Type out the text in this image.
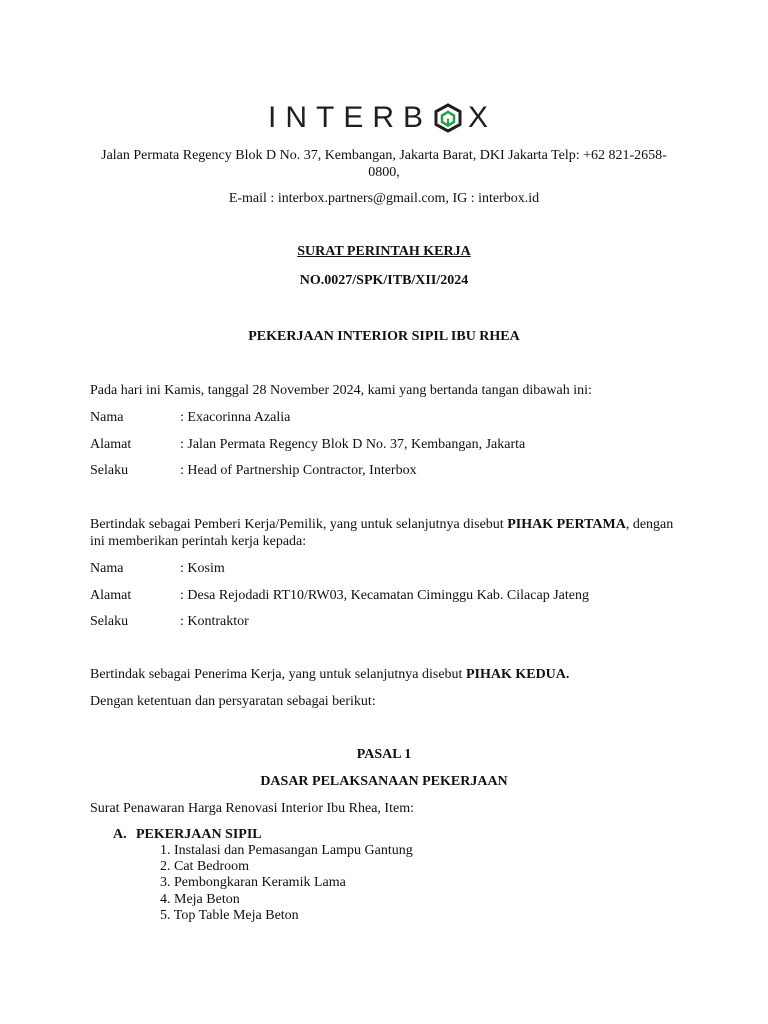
INTER B X
Jalan Permata Regency Blok D No. 37, Kembangan, Jakarta Barat, DKI Jakarta Telp: +62 821-2658-0800,
E-mail : interbox.partners@gmail.com, IG : interbox.id
SURAT PERINTAH KERJA
NO.0027/SPK/ITB/XII/2024
PEKERJAAN INTERIOR SIPIL IBU RHEA
Pada hari ini Kamis, tanggal 28 November 2024, kami yang bertanda tangan dibawah ini:
Nama	: Exacorinna Azalia
Alamat	: Jalan Permata Regency Blok D No. 37, Kembangan, Jakarta
Selaku	: Head of Partnership Contractor, Interbox
Bertindak sebagai Pemberi Kerja/Pemilik, yang untuk selanjutnya disebut PIHAK PERTAMA, dengan
ini memberikan perintah kerja kepada:
Nama	: Kosim
Alamat	: Desa Rejodadi RT10/RW03, Kecamatan Ciminggu Kab. Cilacap Jateng
Selaku	: Kontraktor
Bertindak sebagai Penerima Kerja, yang untuk selanjutnya disebut PIHAK KEDUA.
Dengan ketentuan dan persyaratan sebagai berikut:
PASAL 1
DASAR PELAKSANAAN PEKERJAAN
Surat Penawaran Harga Renovasi Interior Ibu Rhea, Item:
A. PEKERJAAN SIPIL
1. Instalasi dan Pemasangan Lampu Gantung
2. Cat Bedroom
3. Pembongkaran Keramik Lama
4. Meja Beton
5. Top Table Meja Beton
